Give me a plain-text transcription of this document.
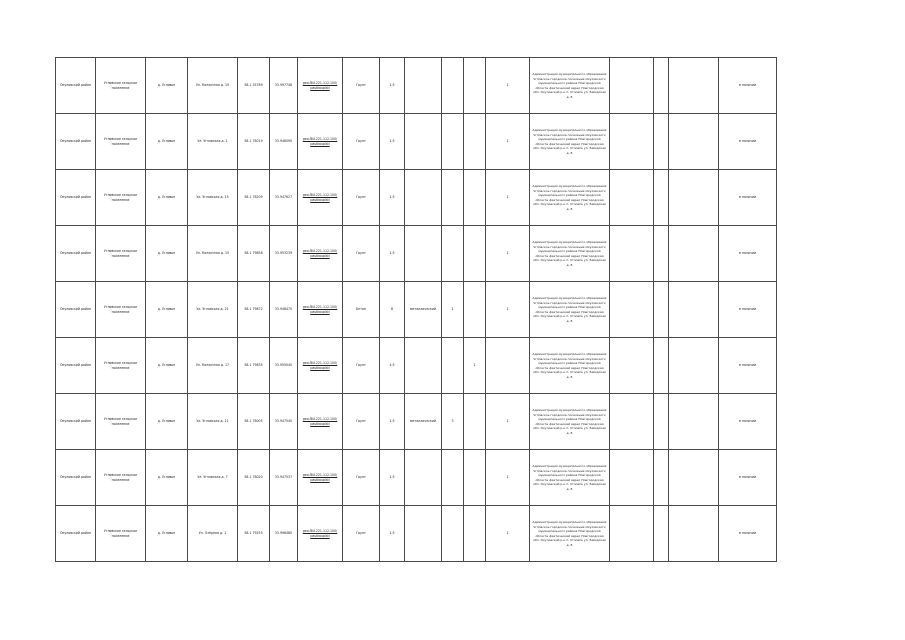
Окуловский район	Угловское сельское поселение	д. Угловье	Ул. Колхозная д. 19	58.1 35789	33.997748	geo.f84.221.112.100/ pastkaupisti	Грунт	1.5				1	Администрация муниципального образования Угловское городское поселение Окуловского муниципального района Новгородской области фактический адрес Новгородская обл. Окуловский р-н п. Угловка ул. Заводская д. 8				в наличии
Окуловский район	Угловское сельское поселение	д. Угловье	Ул. Угловская д. 1	58.1 78019	33.948090	geo.f84.221.112.100/ pastkaupisti	Грунт	1.5				1	Администрация муниципального образования Угловское городское поселение Окуловского муниципального района Новгородской области фактический адрес Новгородская обл. Окуловский р-н п. Угловка ул. Заводская д. 8				в наличии
Окуловский район	Угловское сельское поселение	д. Угловье	Ул. Угловская д. 15	58.1 78209	33.947627	geo.f84.221.112.100/ pastkaupisti	Грунт	1.5				1	Администрация муниципального образования Угловское городское поселение Окуловского муниципального района Новгородской области фактический адрес Новгородская обл. Окуловский р-н п. Угловка ул. Заводская д. 8				в наличии
Окуловский район	Угловское сельское поселение	д. Угловье	Ул. Колхозная д. 15	58.1 79858	33.953239	geo.f84.221.112.100/ pastkaupisti	Грунт	1.5				1	Администрация муниципального образования Угловское городское поселение Окуловского муниципального района Новгородской области фактический адрес Новгородская обл. Окуловский р-н п. Угловка ул. Заводская д. 8				в наличии
Окуловский район	Угловское сельское поселение	д. Угловье	Ул. Угловская д. 21	58.1 79872	33.948470	geo.f84.221.112.100/ pastkaupisti	Бетон	8	металлический	1		1	Администрация муниципального образования Угловское городское поселение Окуловского муниципального района Новгородской области фактический адрес Новгородская обл. Окуловский р-н п. Угловка ул. Заводская д. 8				в наличии
Окуловский район	Угловское сельское поселение	д. Угловье	Ул. Колхозная д. 17	58.1 79835	33.955040	geo.f84.221.112.100/ pastkaupisti	Грунт	4.5			1		Администрация муниципального образования Угловское городское поселение Окуловского муниципального района Новгородской области фактический адрес Новгородская обл. Окуловский р-н п. Угловка ул. Заводская д. 8				в наличии
Окуловский район	Угловское сельское поселение	д. Угловье	Ул. Угловская д. 11	58.1 78005	33.947540	geo.f84.221.112.100/ pastkaupisti	Грунт	1.5	металлический	3		1	Администрация муниципального образования Угловское городское поселение Окуловского муниципального района Новгородской области фактический адрес Новгородская обл. Окуловский р-н п. Угловка ул. Заводская д. 8				в наличии
Окуловский район	Угловское сельское поселение	д. Угловье	Ул. Угловская д. 7	58.1 78020	33.947537	geo.f84.221.112.100/ pastkaupisti	Грунт	1.5				1	Администрация муниципального образования Угловское городское поселение Окуловского муниципального района Новгородской области фактический адрес Новгородская обл. Окуловский р-н п. Угловка ул. Заводская д. 8				в наличии
Окуловский район	Угловское сельское поселение	д. Угловье	Ул. Озёрная д. 1	58.1 79255	33.996480	geo.f84.221.112.100/ pastkaupisti	Грунт	1.5				1	Администрация муниципального образования Угловское городское поселение Окуловского муниципального района Новгородской области фактический адрес Новгородская обл. Окуловский р-н п. Угловка ул. Заводская д. 8				в наличии
